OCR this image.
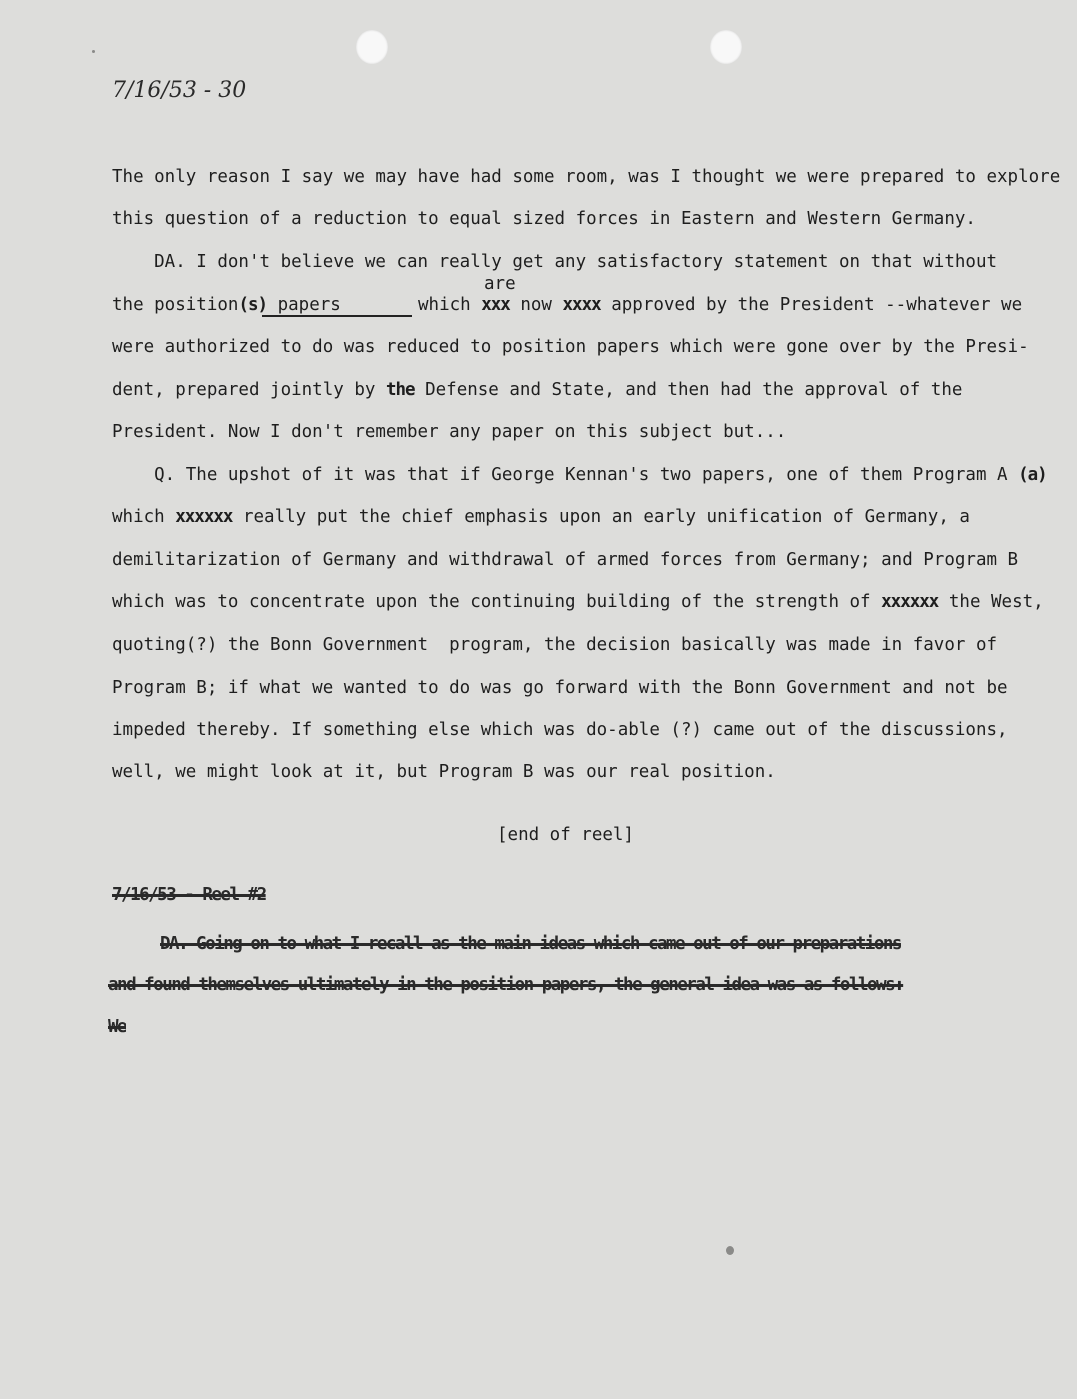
7/16/53 - 30
The only reason I say we may have had some room, was I thought we were prepared to explore
this question of a reduction to equal sized forces in Eastern and Western Germany.
DA. I don't believe we can really get any satisfactory statement on that without
are
the position(s) papers	which xxx now xxxx approved by the President --whatever we
were authorized to do was reduced to position papers which were gone over by the Presi-
dent, prepared jointly by the Defense and State, and then had the approval of the
President. Now I don't remember any paper on this subject but...
Q. The upshot of it was that if George Kennan's two papers, one of them Program A (a)
which xxxxxx really put the chief emphasis upon an early unification of Germany, a
demilitarization of Germany and withdrawal of armed forces from Germany; and Program B
which was to concentrate upon the continuing building of the strength of xxxxxx the West,
quoting(?) the Bonn Government  program, the decision basically was made in favor of
Program B; if what we wanted to do was go forward with the Bonn Government and not be
impeded thereby. If something else which was do-able (?) came out of the discussions,
well, we might look at it, but Program B was our real position.
[end of reel]
7/16/53 - Reel #2
DA. Going on to what I recall as the main ideas which came out of our preparations
and found themselves ultimately in the position papers, the general idea was as follows:
We
